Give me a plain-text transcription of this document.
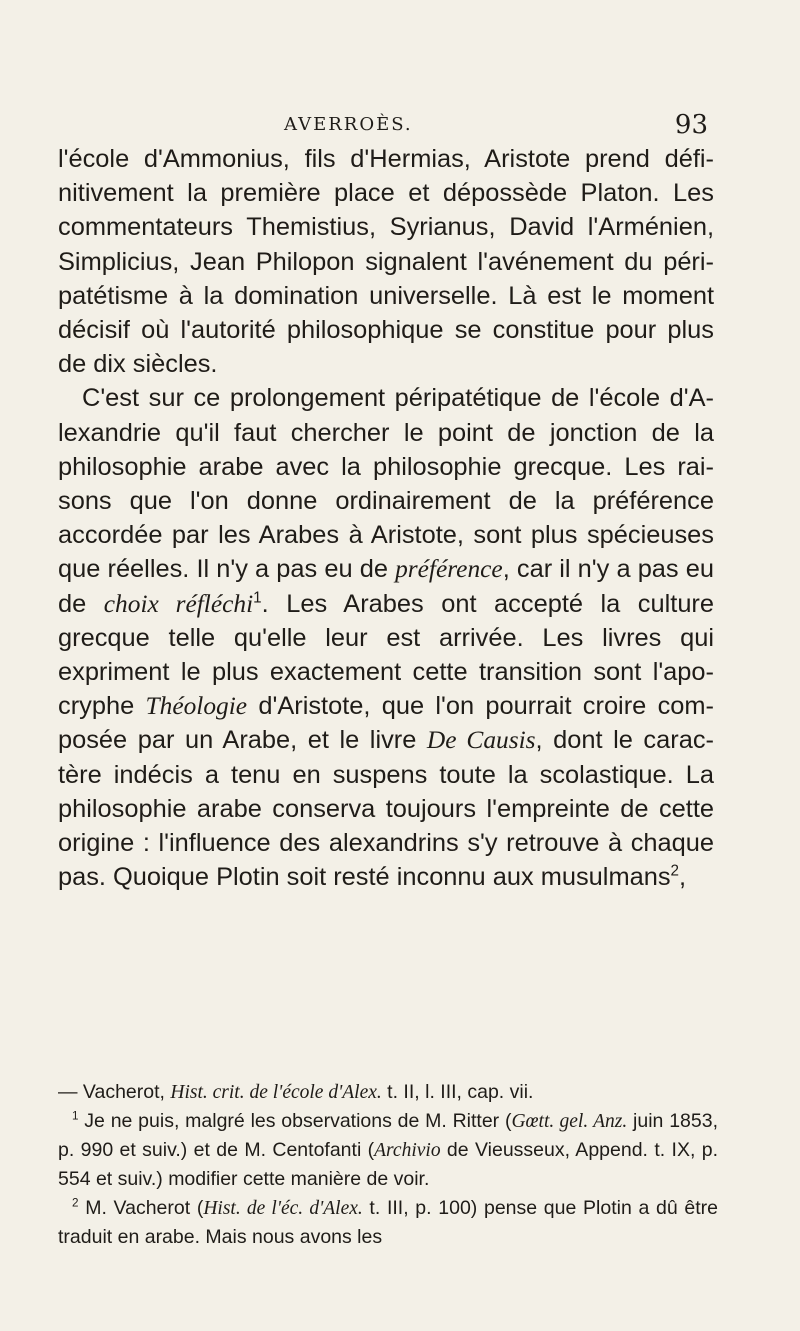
AVERROÈS.	93

l'école d'Ammonius, fils d'Hermias, Aristote prend défi-nitivement la première place et dépossède Platon. Les commentateurs Themistius, Syrianus, David l'Arménien, Simplicius, Jean Philopon signalent l'avénement du péri-patétisme à la domination universelle. Là est le moment décisif où l'autorité philosophique se constitue pour plus de dix siècles.

C'est sur ce prolongement péripatétique de l'école d'A-lexandrie qu'il faut chercher le point de jonction de la philosophie arabe avec la philosophie grecque. Les rai-sons que l'on donne ordinairement de la préférence accordée par les Arabes à Aristote, sont plus spécieuses que réelles. Il n'y a pas eu de préférence, car il n'y a pas eu de choix réfléchi$^1$. Les Arabes ont accepté la culture grecque telle qu'elle leur est arrivée. Les livres qui expriment le plus exactement cette transition sont l'apo-cryphe Théologie d'Aristote, que l'on pourrait croire com-posée par un Arabe, et le livre De Causis, dont le carac-tère indécis a tenu en suspens toute la scolastique. La philosophie arabe conserva toujours l'empreinte de cette origine : l'influence des alexandrins s'y retrouve à chaque pas. Quoique Plotin soit resté inconnu aux musulmans$^2$,

— Vacherot, Hist. crit. de l'école d'Alex. t. II, l. III, cap. vii.

$^1$ Je ne puis, malgré les observations de M. Ritter (Gœtt. gel. Anz. juin 1853, p. 990 et suiv.) et de M. Centofanti (Archivio de Vieusseux, Append. t. IX, p. 554 et suiv.) modifier cette manière de voir.

$^2$ M. Vacherot (Hist. de l'éc. d'Alex. t. III, p. 100) pense que Plotin a dû être traduit en arabe. Mais nous avons les
